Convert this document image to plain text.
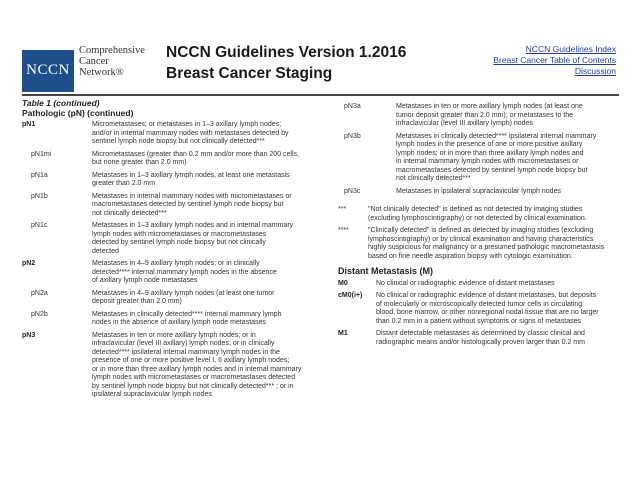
NCCN
Comprehensive
Cancer
Network®
NCCN Guidelines Version 1.2016
Breast Cancer Staging
NCCN Guidelines Index
Breast Cancer Table of Contents
Discussion
Table 1 (continued)
Pathologic (pN) (continued)
pN1	Micrometastases; or metastases in 1–3 axillary lymph nodes;
and/or in internal mammary nodes with metastases detected by
sentinel lymph node biopsy but not clinically detected***
pN1mi	Micrometastases (greater than 0.2 mm and/or more than 200 cells,
but none greater than 2.0 mm)
pN1a	Metastases in 1–3 axillary lymph nodes, at least one metastasis
greater than 2.0 mm
pN1b	Metastases in internal mammary nodes with micrometastases or
macrometastases detected by sentinel lymph node biopsy but
not clinically detected***
pN1c	Metastases in 1–3 axillary lymph nodes and in internal mammary
lymph nodes with micrometastases or macrometastases
detected by sentinel lymph node biopsy but not clinically
detected
pN2	Metastases in 4–9 axillary lymph nodes; or in clinically
detected**** internal mammary lymph nodes in the absence
of axillary lymph node metastases
pN2a	Metastases in 4–9 axillary lymph nodes (at least one tumor
deposit greater than 2.0 mm)
pN2b	Metastases in clinically detected**** internal mammary lymph
nodes in the absence of axillary lymph node metastases
pN3	Metastases in ten or more axillary lymph nodes; or in
infraclavicular (level III axillary) lymph nodes; or in clinically
detected**** ipsilateral internal mammary lymph nodes in the
presence of one or more positive level I, II axillary lymph nodes;
or in more than three axillary lymph nodes and in internal mammary
lymph nodes with micrometastases or macrometastases detected
by sentinel lymph node biopsy but not clinically detected*** ; or in
ipsilateral supraclavicular lymph nodes
pN3a	Metastases in ten or more axillary lymph nodes (at least one
tumor deposit greater than 2.0 mm); or metastases to the
infraclavicular (level III axillary lymph) nodes
pN3b	Metastases in clinically detected**** ipsilateral internal mammary
lymph nodes in the presence of one or more positive axillary
lymph nodes; or in more than three axillary lymph nodes and
in internal mammary lymph nodes with micrometastases or
macrometastases detected by sentinel lymph node biopsy but
not clinically detected***
pN3c	Metastases in ipsilateral supraclavicular lymph nodes
***	"Not clinically detected" is defined as not detected by imaging studies
(excluding lymphoscintigraphy) or not detected by clinical examination.
****	"Clinically detected" is defined as detected by imaging studies (excluding
lymphoscintigraphy) or by clinical examination and having characteristics
highly suspicious for malignancy or a presumed pathologic macrometastasis
based on fine needle aspiration biopsy with cytologic examination.
Distant Metastasis (M)
M0	No clinical or radiographic evidence of distant metastases
cM0(i+)	No clinical or radiographic evidence of distant metastases, but deposits
of molecularly or microscopically detected tumor cells in circulating
blood, bone marrow, or other nonregional nodal tissue that are no larger
than 0.2 mm in a patient without symptoms or signs of metastases
M1	Distant detectable metastases as determined by classic clinical and
radiographic means and/or histologically proven larger than 0.2 mm
